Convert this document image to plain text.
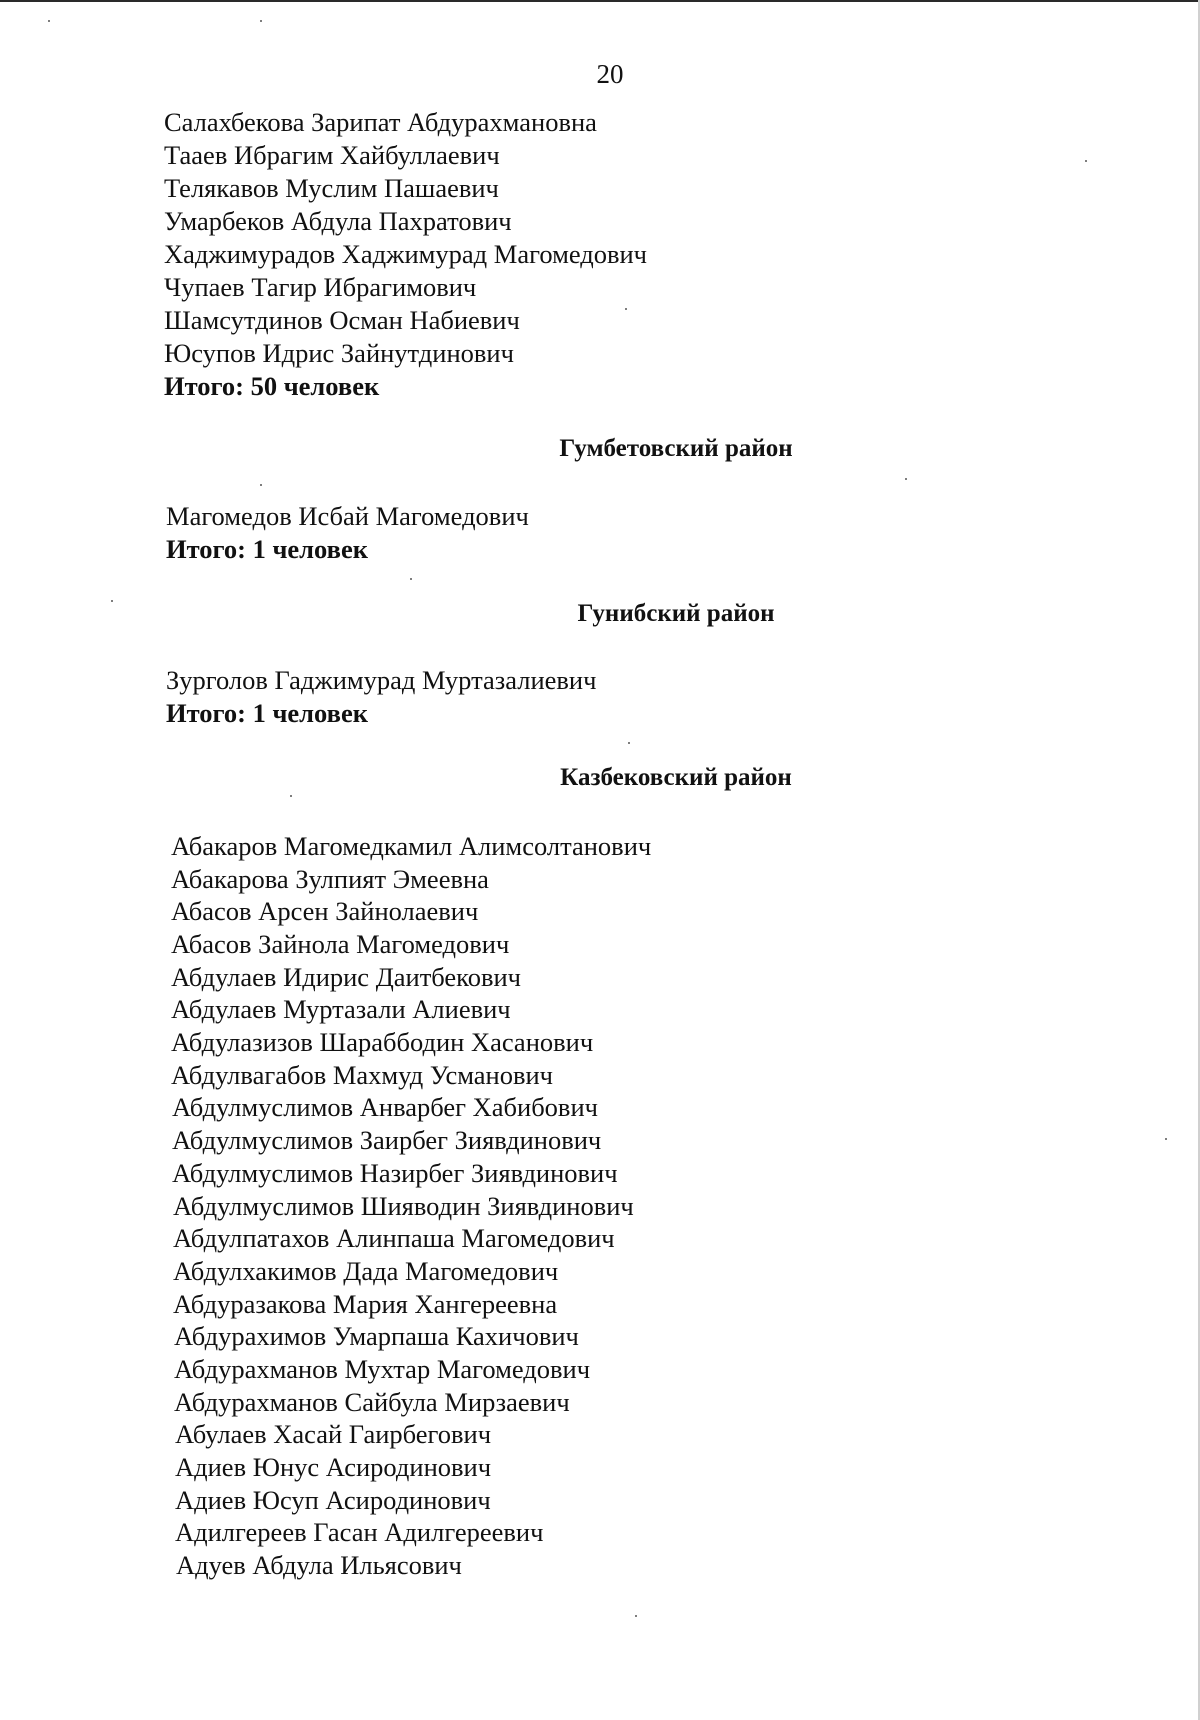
20
Салахбекова Зарипат Абдурахмановна
Тааев Ибрагим Хайбуллаевич
Телякавов Муслим Пашаевич
Умарбеков Абдула Пахратович
Хаджимурадов Хаджимурад Магомедович
Чупаев Тагир Ибрагимович
Шамсутдинов Осман Набиевич
Юсупов Идрис Зайнутдинович
Итого: 50 человек
Гумбетовский район
Магомедов Исбай Магомедович
Итого: 1 человек
Гунибский район
Зурголов Гаджимурад Муртазалиевич
Итого: 1 человек
Казбековский район
Абакаров Магомедкамил Алимсолтанович
Абакарова Зулпият Эмеевна
Абасов Арсен Зайнолаевич
Абасов Зайнола Магомедович
Абдулаев Идирис Даитбекович
Абдулаев Муртазали Алиевич
Абдулазизов Шараббодин Хасанович
Абдулвагабов Махмуд Усманович
Абдулмуслимов Анварбег Хабибович
Абдулмуслимов Заирбег Зиявдинович
Абдулмуслимов Назирбег Зиявдинович
Абдулмуслимов Шияводин Зиявдинович
Абдулпатахов Алинпаша Магомедович
Абдулхакимов Дада Магомедович
Абдуразакова Мария Хангереевна
Абдурахимов Умарпаша Кахичович
Абдурахманов Мухтар Магомедович
Абдурахманов Сайбула Мирзаевич
Абулаев Хасай Гаирбегович
Адиев Юнус Асиродинович
Адиев Юсуп Асиродинович
Адилгереев Гасан Адилгереевич
Адуев Абдула Ильясович
